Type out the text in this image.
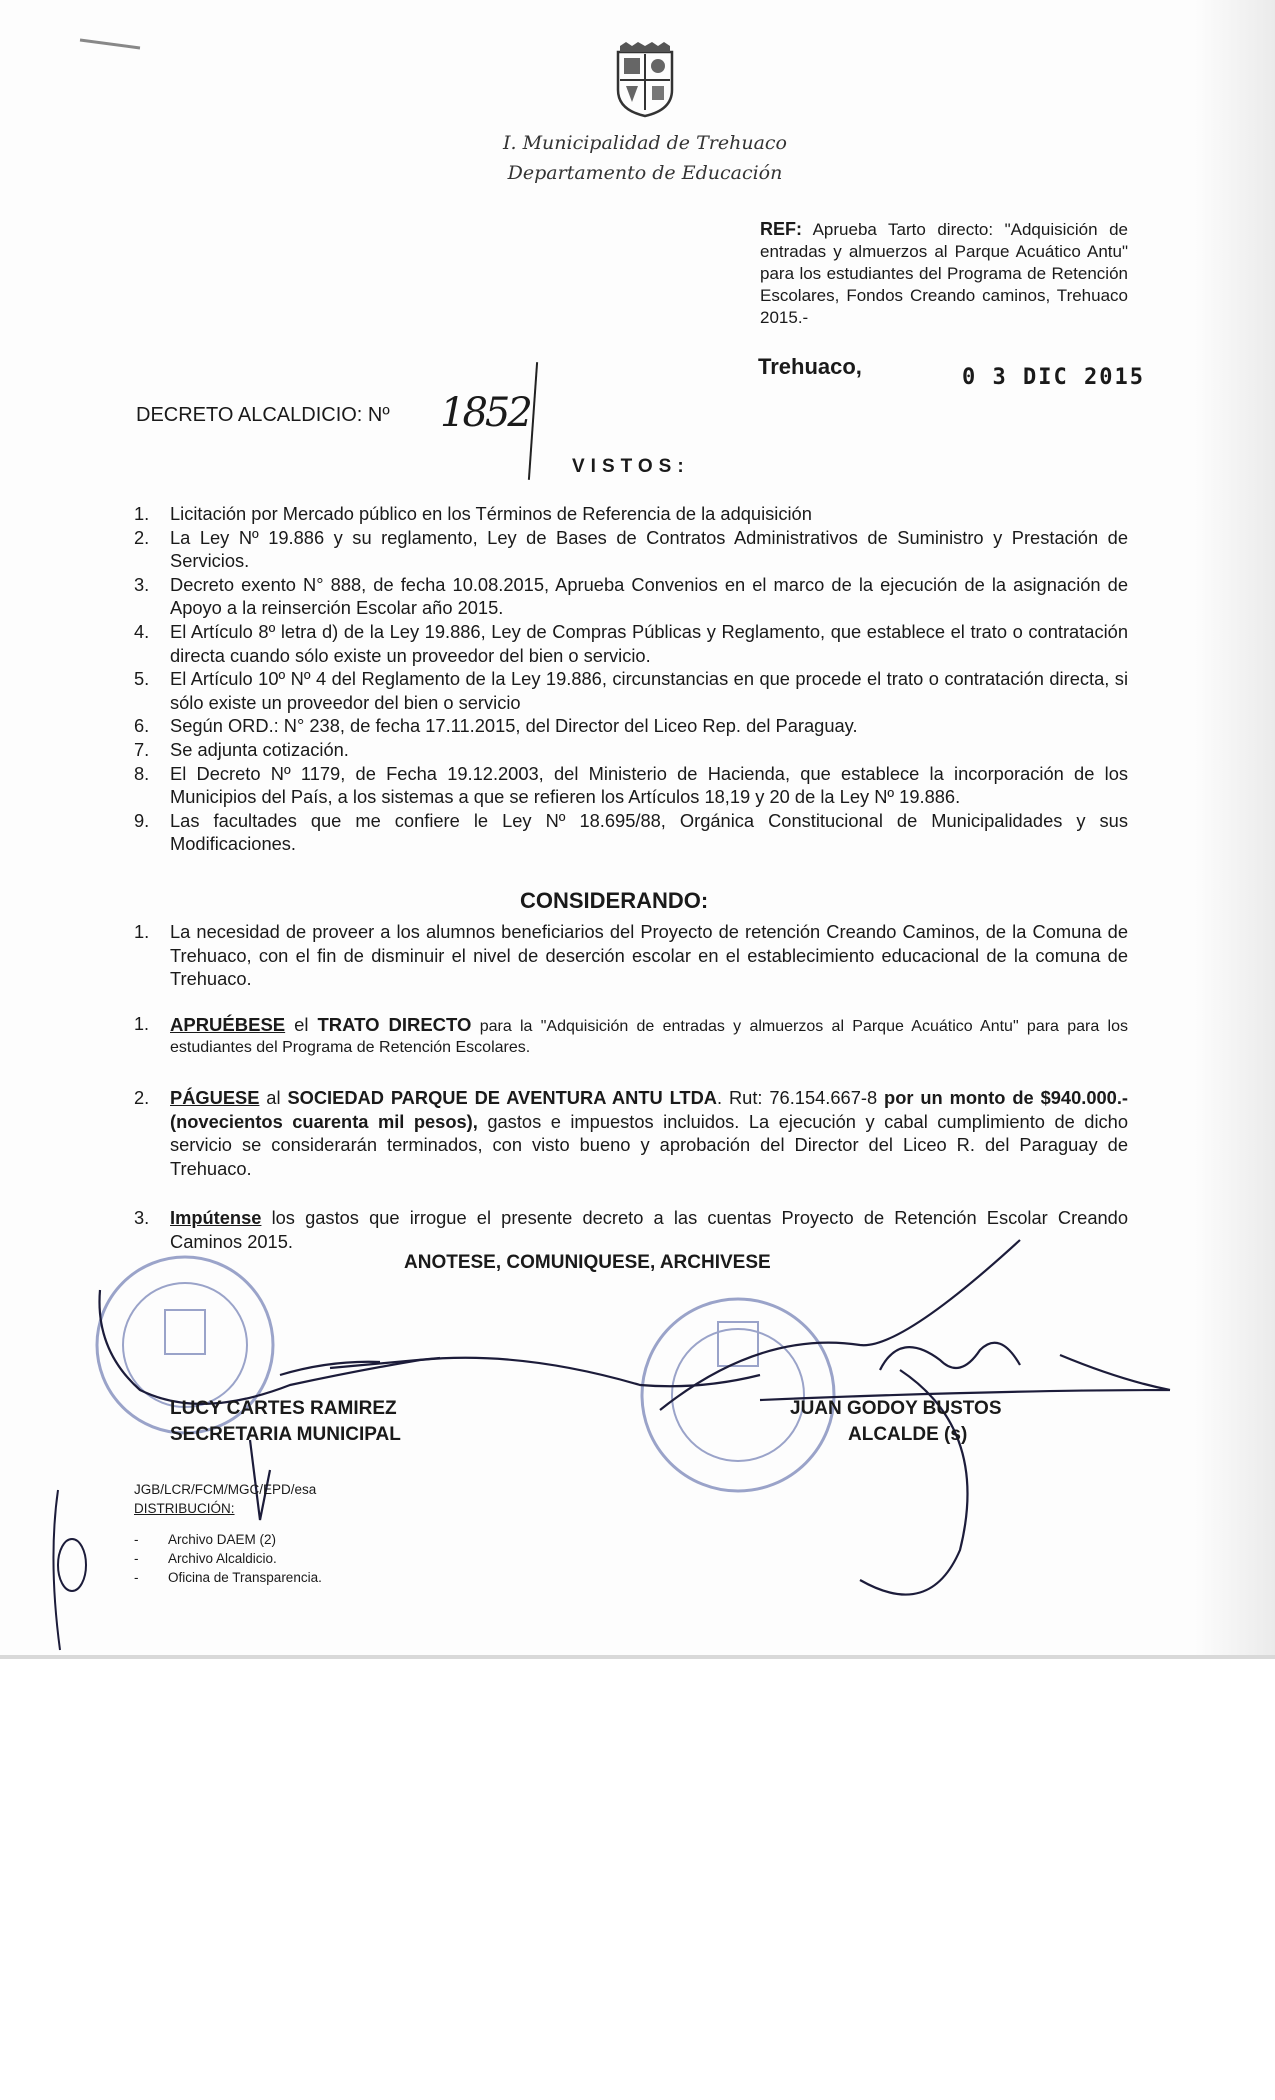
I. Municipalidad de Trehuaco
Departamento de Educación
REF: Aprueba Tarto directo: "Adquisición de entradas y almuerzos al Parque Acuático Antu" para los estudiantes del Programa de Retención Escolares, Fondos Creando caminos, Trehuaco 2015.-
Trehuaco,	0 3 DIC 2015
DECRETO ALCALDICIO: Nº 1852
VISTOS:
1. Licitación por Mercado público en los Términos de Referencia de la adquisición
2. La Ley Nº 19.886 y su reglamento, Ley de Bases de Contratos Administrativos de Suministro y Prestación de Servicios.
3. Decreto exento N° 888, de fecha 10.08.2015, Aprueba Convenios en el marco de la ejecución de la asignación de Apoyo a la reinserción Escolar año 2015.
4. El Artículo 8º letra d) de la Ley 19.886, Ley de Compras Públicas y Reglamento, que establece el trato o contratación directa cuando sólo existe un proveedor del bien o servicio.
5. El Artículo 10º Nº 4 del Reglamento de la Ley 19.886, circunstancias en que procede el trato o contratación directa, si sólo existe un proveedor del bien o servicio
6. Según ORD.: N° 238, de fecha 17.11.2015, del Director del Liceo Rep. del Paraguay.
7. Se adjunta cotización.
8. El Decreto Nº 1179, de Fecha 19.12.2003, del Ministerio de Hacienda, que establece la incorporación de los Municipios del País, a los sistemas a que se refieren los Artículos 18,19 y 20 de la Ley Nº 19.886.
9. Las facultades que me confiere le Ley Nº 18.695/88, Orgánica Constitucional de Municipalidades y sus Modificaciones.
CONSIDERANDO:
1. La necesidad de proveer a los alumnos beneficiarios del Proyecto de retención Creando Caminos, de la Comuna de Trehuaco, con el fin de disminuir el nivel de deserción escolar en el establecimiento educacional de la comuna de Trehuaco.
1. APRUÉBESE el TRATO DIRECTO para la "Adquisición de entradas y almuerzos al Parque Acuático Antu" para para los estudiantes del Programa de Retención Escolares.
2. PÁGUESE al SOCIEDAD PARQUE DE AVENTURA ANTU LTDA. Rut: 76.154.667-8 por un monto de $940.000.- (novecientos cuarenta mil pesos), gastos e impuestos incluidos. La ejecución y cabal cumplimiento de dicho servicio se considerarán terminados, con visto bueno y aprobación del Director del Liceo R. del Paraguay de Trehuaco.
3. Impútense los gastos que irrogue el presente decreto a las cuentas Proyecto de Retención Escolar Creando Caminos 2015.
ANOTESE, COMUNIQUESE, ARCHIVESE
LUCY CARTES RAMIREZ
SECRETARIA MUNICIPAL
JUAN GODOY BUSTOS
ALCALDE (s)
JGB/LCR/FCM/MGC/EPD/esa
DISTRIBUCIÓN:
- Archivo DAEM (2)
- Archivo Alcaldicio.
- Oficina de Transparencia.
